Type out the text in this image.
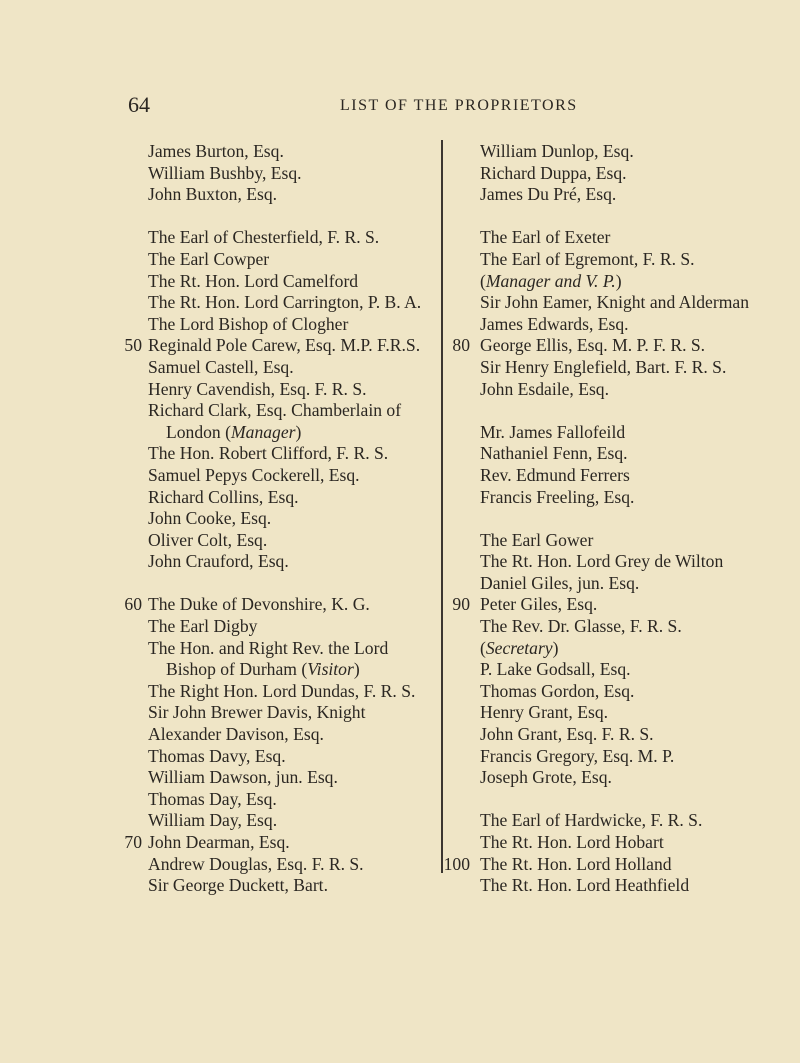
64	LIST OF THE PROPRIETORS
James Burton, Esq.
William Bushby, Esq.
John Buxton, Esq.
The Earl of Chesterfield, F. R. S.
The Earl Cowper
The Rt. Hon. Lord Camelford
The Rt. Hon. Lord Carrington, P. B. A.
The Lord Bishop of Clogher
50 Reginald Pole Carew, Esq. M.P. F.R.S.
Samuel Castell, Esq.
Henry Cavendish, Esq. F. R. S.
Richard Clark, Esq. Chamberlain of London (Manager)
The Hon. Robert Clifford, F. R. S.
Samuel Pepys Cockerell, Esq.
Richard Collins, Esq.
John Cooke, Esq.
Oliver Colt, Esq.
John Crauford, Esq.
60 The Duke of Devonshire, K. G.
The Earl Digby
The Hon. and Right Rev. the Lord Bishop of Durham (Visitor)
The Right Hon. Lord Dundas, F. R. S.
Sir John Brewer Davis, Knight
Alexander Davison, Esq.
Thomas Davy, Esq.
William Dawson, jun. Esq.
Thomas Day, Esq.
William Day, Esq.
70 John Dearman, Esq.
Andrew Douglas, Esq. F. R. S.
Sir George Duckett, Bart.
William Dunlop, Esq.
Richard Duppa, Esq.
James Du Pré, Esq.
The Earl of Exeter
The Earl of Egremont, F. R. S.
(Manager and V. P.)
Sir John Eamer, Knight and Alderman
James Edwards, Esq.
80 George Ellis, Esq. M. P. F. R. S.
Sir Henry Englefield, Bart. F. R. S.
John Esdaile, Esq.
Mr. James Fallofeild
Nathaniel Fenn, Esq.
Rev. Edmund Ferrers
Francis Freeling, Esq.
The Earl Gower
The Rt. Hon. Lord Grey de Wilton
Daniel Giles, jun. Esq.
90 Peter Giles, Esq.
The Rev. Dr. Glasse, F. R. S.
(Secretary)
P. Lake Godsall, Esq.
Thomas Gordon, Esq.
Henry Grant, Esq.
John Grant, Esq. F. R. S.
Francis Gregory, Esq. M. P.
Joseph Grote, Esq.
The Earl of Hardwicke, F. R. S.
The Rt. Hon. Lord Hobart
100 The Rt. Hon. Lord Holland
The Rt. Hon. Lord Heathfield
